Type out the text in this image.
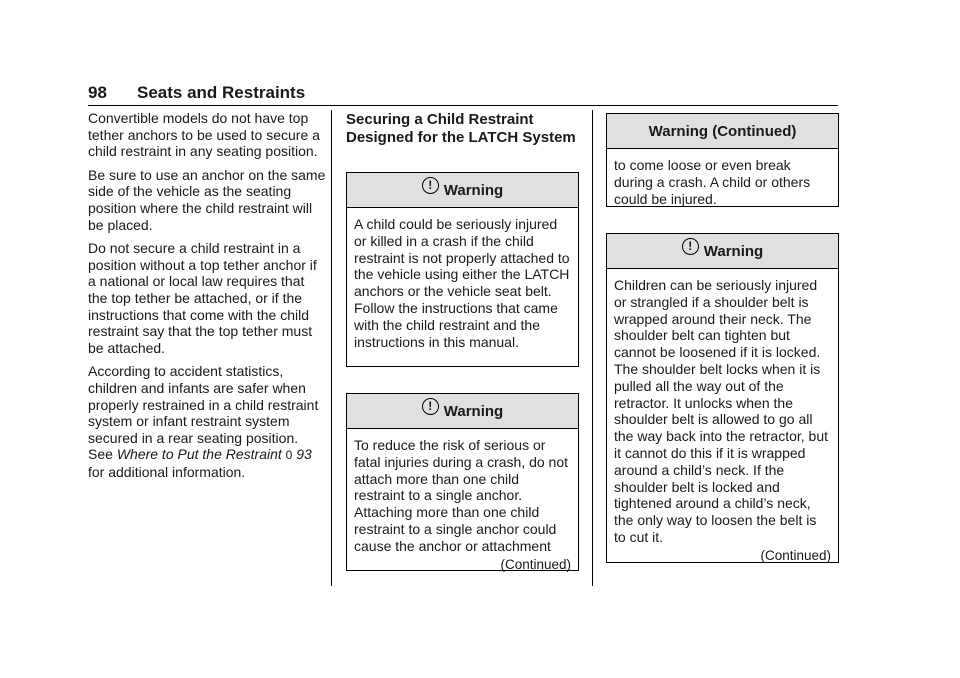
98 Seats and Restraints

Convertible models do not have top tether anchors to be used to secure a child restraint in any seating position.

Be sure to use an anchor on the same side of the vehicle as the seating position where the child restraint will be placed.

Do not secure a child restraint in a position without a top tether anchor if a national or local law requires that the top tether be attached, or if the instructions that come with the child restraint say that the top tether must be attached.

According to accident statistics, children and infants are safer when properly restrained in a child restraint system or infant restraint system secured in a rear seating position. See Where to Put the Restraint 0 93 for additional information.

Securing a Child Restraint Designed for the LATCH System
! Warning
A child could be seriously injured or killed in a crash if the child restraint is not properly attached to the vehicle using either the LATCH anchors or the vehicle seat belt. Follow the instructions that came with the child restraint and the instructions in this manual.
! Warning
To reduce the risk of serious or fatal injuries during a crash, do not attach more than one child restraint to a single anchor. Attaching more than one child restraint to a single anchor could cause the anchor or attachment
(Continued)
Warning (Continued)
to come loose or even break during a crash. A child or others could be injured.
! Warning
Children can be seriously injured or strangled if a shoulder belt is wrapped around their neck. The shoulder belt can tighten but cannot be loosened if it is locked. The shoulder belt locks when it is pulled all the way out of the retractor. It unlocks when the shoulder belt is allowed to go all the way back into the retractor, but it cannot do this if it is wrapped around a child’s neck. If the shoulder belt is locked and tightened around a child’s neck, the only way to loosen the belt is to cut it.
(Continued)
